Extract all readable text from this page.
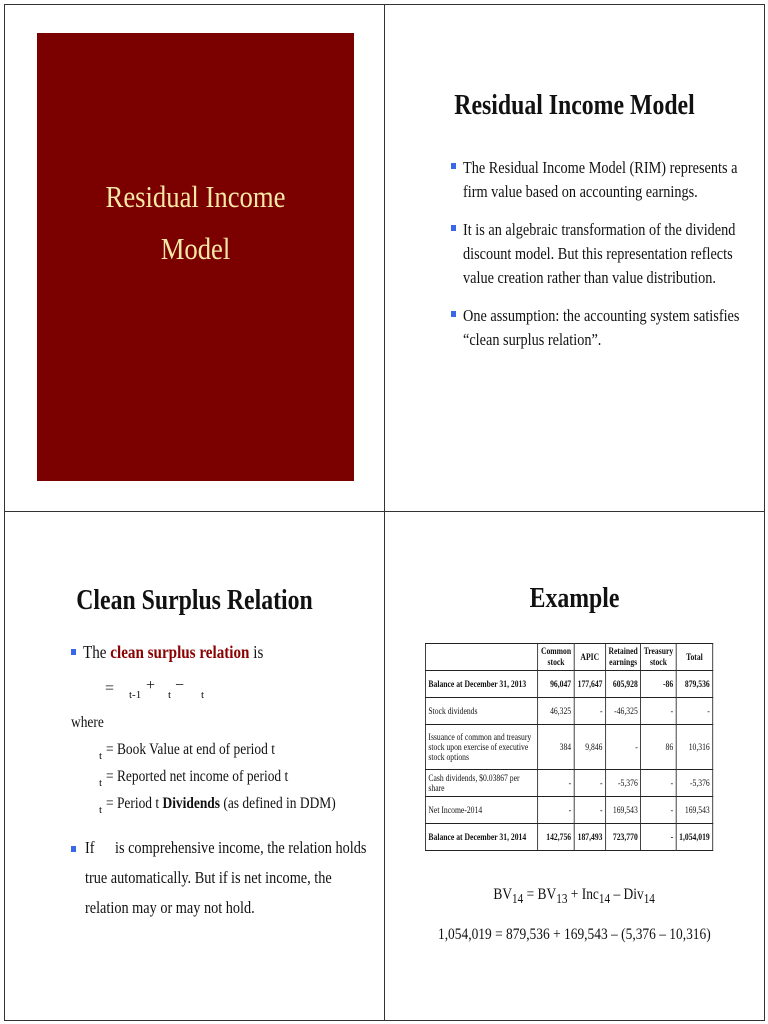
Residual Income
Model
Residual Income Model
The Residual Income Model (RIM) represents a
firm value based on accounting earnings.
It is an algebraic transformation of the dividend
discount model. But this representation reflects
value creation rather than value distribution.
One assumption: the accounting system satisfies
“clean surplus relation”.
Clean Surplus Relation
The clean surplus relation is
= t-1
+
t
−
t
where
$_t$ = Book Value at end of period t
$_t$ = Reported net income of period t
$_t$ = Period t Dividends (as defined in DDM)
If is comprehensive income, the relation holds
true automatically. But if is net income, the
relation may or may not hold.
Example
	Common stock	APIC	Retained earnings	Treasury stock	Total
Balance at December 31, 2013	96,047	177,647	605,928	-86	879,536
Stock dividends	46,325	-	-46,325	-	-
Issuance of common and treasury stock upon exercise of executive stock options	384	9,846	-	86	10,316
Cash dividends, $0.03867 per share	-	-	-5,376	-	-5,376
Net Income-2014	-	-	169,543	-	169,543
Balance at December 31, 2014	142,756	187,493	723,770	-	1,054,019
$BV_{14} = BV_{13} + Inc_{14} - Div_{14}$
1,054,019 = 879,536 + 169,543 – (5,376 – 10,316)
